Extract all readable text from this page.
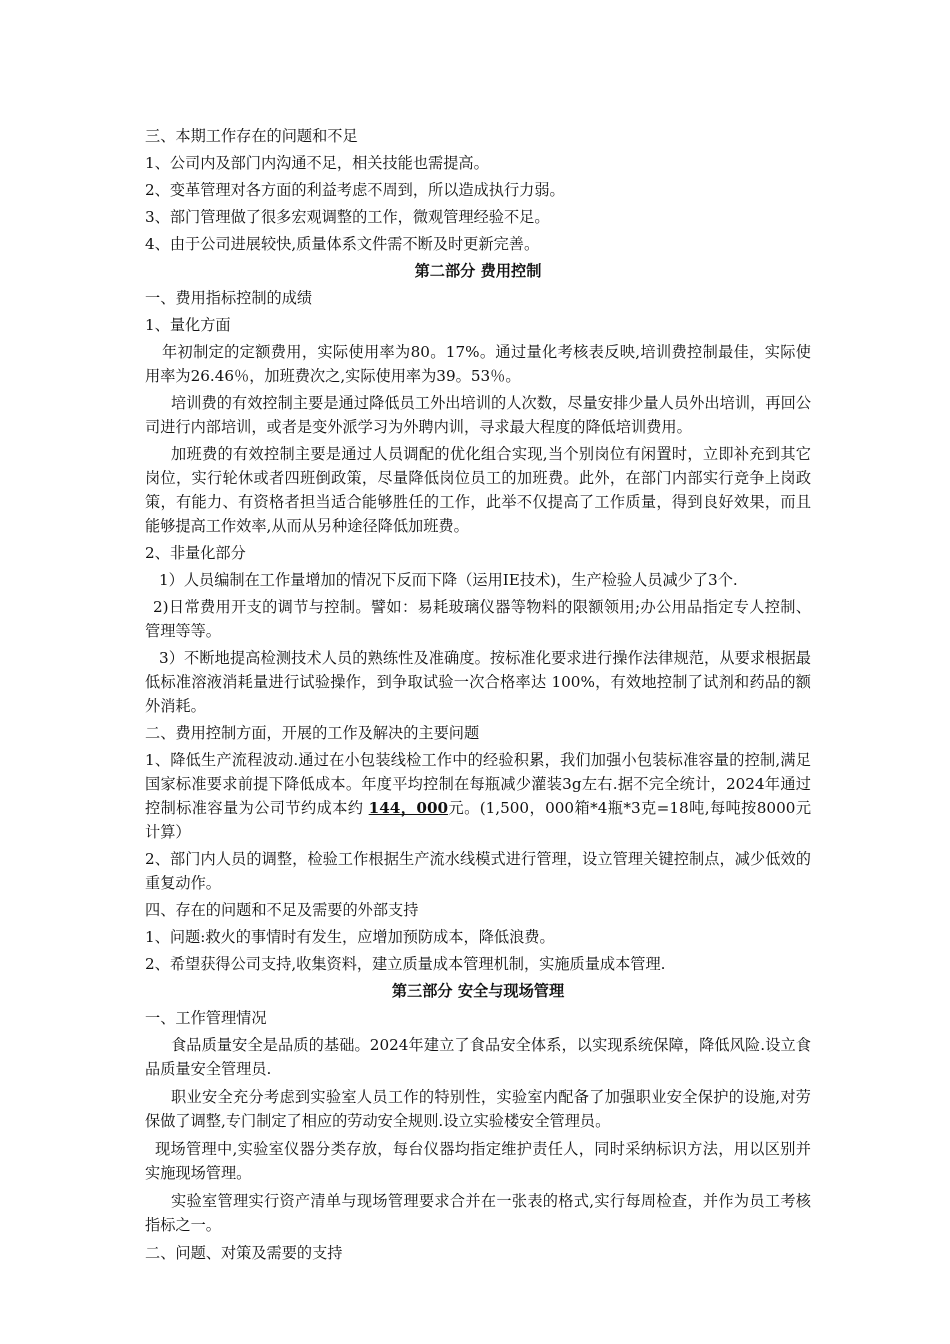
三、本期工作存在的问题和不足

1、公司内及部门内沟通不足，相关技能也需提高。

2、变革管理对各方面的利益考虑不周到，所以造成执行力弱。

3、部门管理做了很多宏观调整的工作，微观管理经验不足。

4、由于公司进展较快,质量体系文件需不断及时更新完善。

第二部分 费用控制

一、费用指标控制的成绩

1、量化方面

年初制定的定额费用，实际使用率为80。17%。通过量化考核表反映,培训费控制最佳，实际使用率为26.46％，加班费次之,实际使用率为39。53％。

培训费的有效控制主要是通过降低员工外出培训的人次数，尽量安排少量人员外出培训，再回公司进行内部培训，或者是变外派学习为外聘内训，寻求最大程度的降低培训费用。

加班费的有效控制主要是通过人员调配的优化组合实现,当个别岗位有闲置时，立即补充到其它岗位，实行轮休或者四班倒政策，尽量降低岗位员工的加班费。此外，在部门内部实行竞争上岗政策，有能力、有资格者担当适合能够胜任的工作，此举不仅提高了工作质量，得到良好效果，而且能够提高工作效率,从而从另种途径降低加班费。

2、非量化部分

1）人员编制在工作量增加的情况下反而下降（运用IE技术)，生产检验人员减少了3个.

2)日常费用开支的调节与控制。譬如：易耗玻璃仪器等物料的限额领用;办公用品指定专人控制、管理等等。

3）不断地提高检测技术人员的熟练性及准确度。按标准化要求进行操作法律规范，从要求根据最低标准溶液消耗量进行试验操作，到争取试验一次合格率达 100%，有效地控制了试剂和药品的额外消耗。

二、费用控制方面，开展的工作及解决的主要问题

1、降低生产流程波动.通过在小包装线检工作中的经验积累，我们加强小包装标准容量的控制,满足国家标准要求前提下降低成本。年度平均控制在每瓶减少灌装3g左右.据不完全统计，2024年通过控制标准容量为公司节约成本约 144，000元。(1,500，000箱*4瓶*3克=18吨,每吨按8000元计算）

2、部门内人员的调整，检验工作根据生产流水线模式进行管理，设立管理关键控制点，减少低效的重复动作。

四、存在的问题和不足及需要的外部支持

1、问题:救火的事情时有发生，应增加预防成本，降低浪费。

2、希望获得公司支持,收集资料，建立质量成本管理机制，实施质量成本管理.

第三部分 安全与现场管理

一、工作管理情况

食品质量安全是品质的基础。2024年建立了食品安全体系，以实现系统保障，降低风险.设立食品质量安全管理员.

职业安全充分考虑到实验室人员工作的特别性，实验室内配备了加强职业安全保护的设施,对劳保做了调整,专门制定了相应的劳动安全规则.设立实验楼安全管理员。

现场管理中,实验室仪器分类存放，每台仪器均指定维护责任人，同时采纳标识方法，用以区别并实施现场管理。

实验室管理实行资产清单与现场管理要求合并在一张表的格式,实行每周检查，并作为员工考核指标之一。

二、问题、对策及需要的支持
